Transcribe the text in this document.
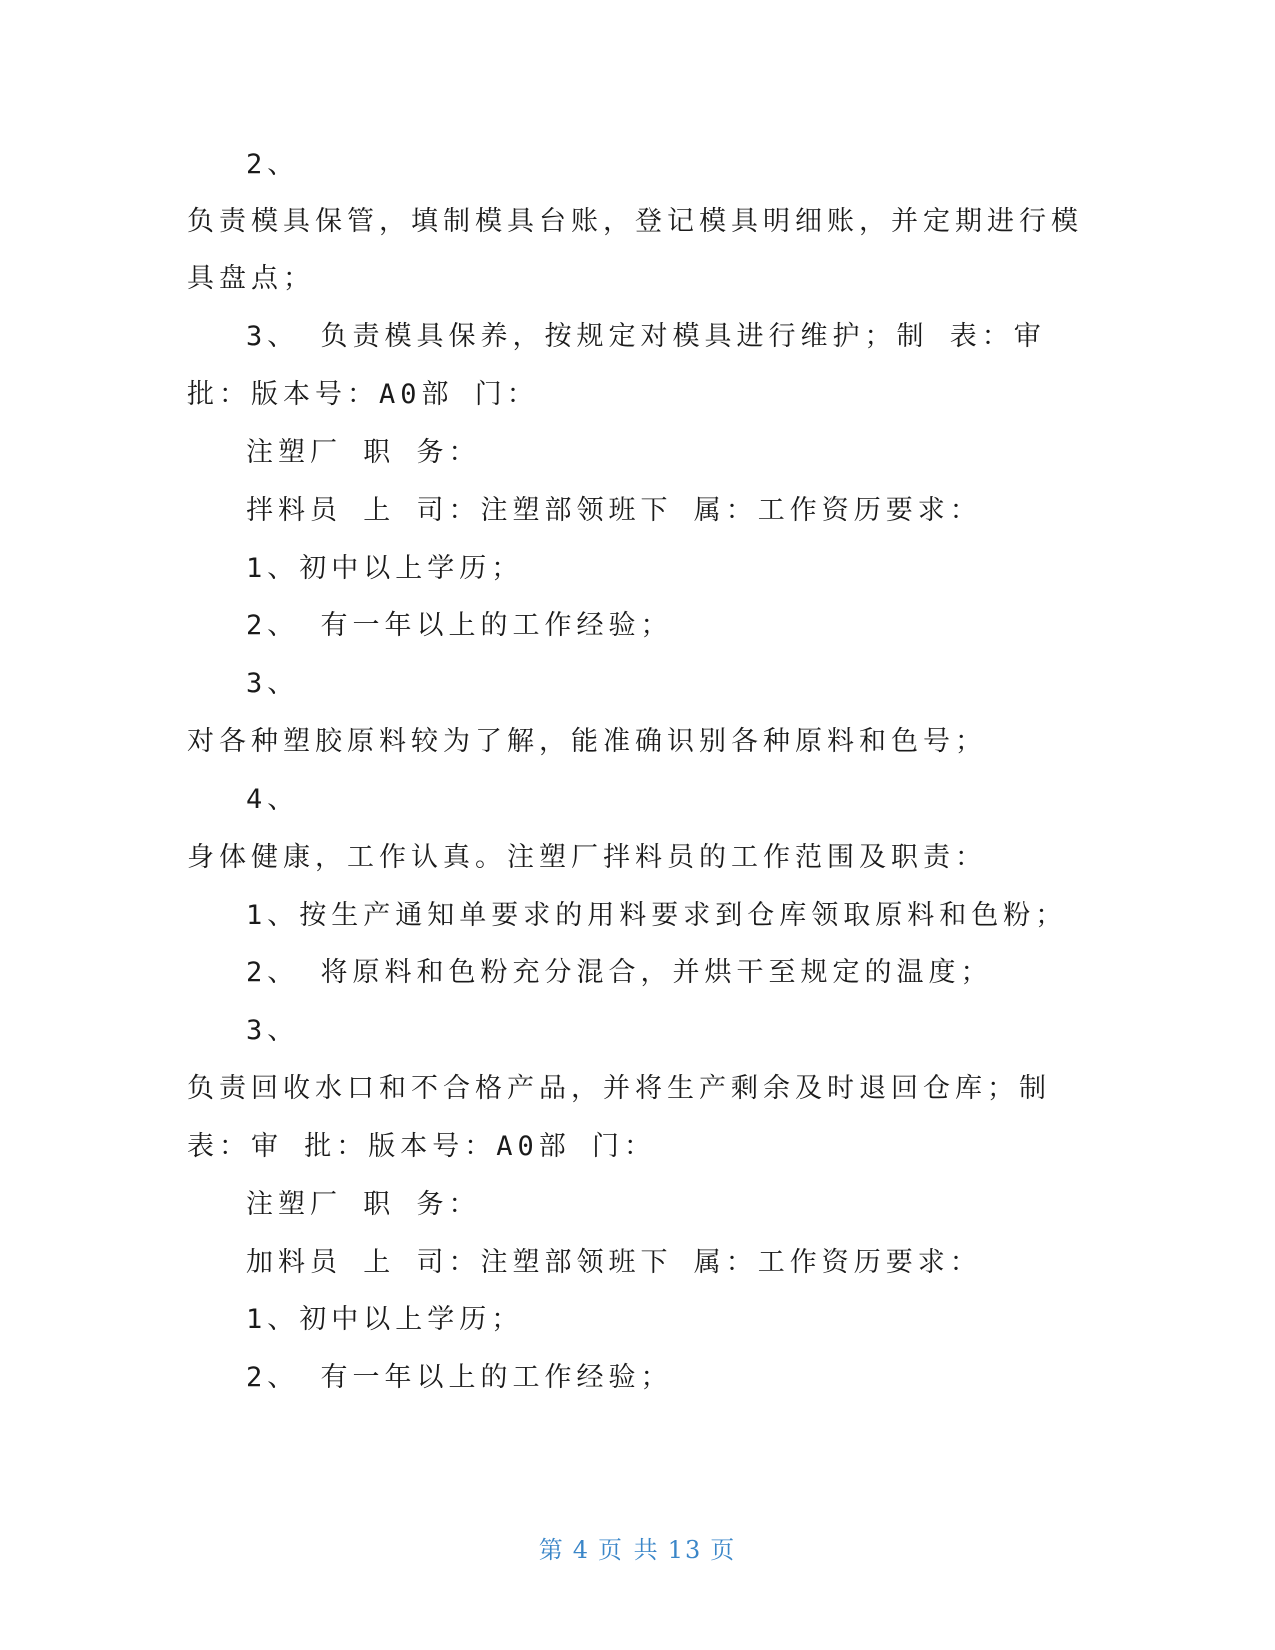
2、
负责模具保管，填制模具台账，登记模具明细账，并定期进行模
具盘点；
3、 负责模具保养，按规定对模具进行维护；制 表：审
批：版本号：A0部 门：
注塑厂 职 务：
拌料员 上 司：注塑部领班下 属：工作资历要求：
1、初中以上学历；
2、 有一年以上的工作经验；
3、
对各种塑胶原料较为了解，能准确识别各种原料和色号；
4、
身体健康，工作认真。注塑厂拌料员的工作范围及职责：
1、按生产通知单要求的用料要求到仓库领取原料和色粉；
2、 将原料和色粉充分混合，并烘干至规定的温度；
3、
负责回收水口和不合格产品，并将生产剩余及时退回仓库；制
表：审 批：版本号：A0部 门：
注塑厂 职 务：
加料员 上 司：注塑部领班下 属：工作资历要求：
1、初中以上学历；
2、 有一年以上的工作经验；
第 4 页 共 13 页
